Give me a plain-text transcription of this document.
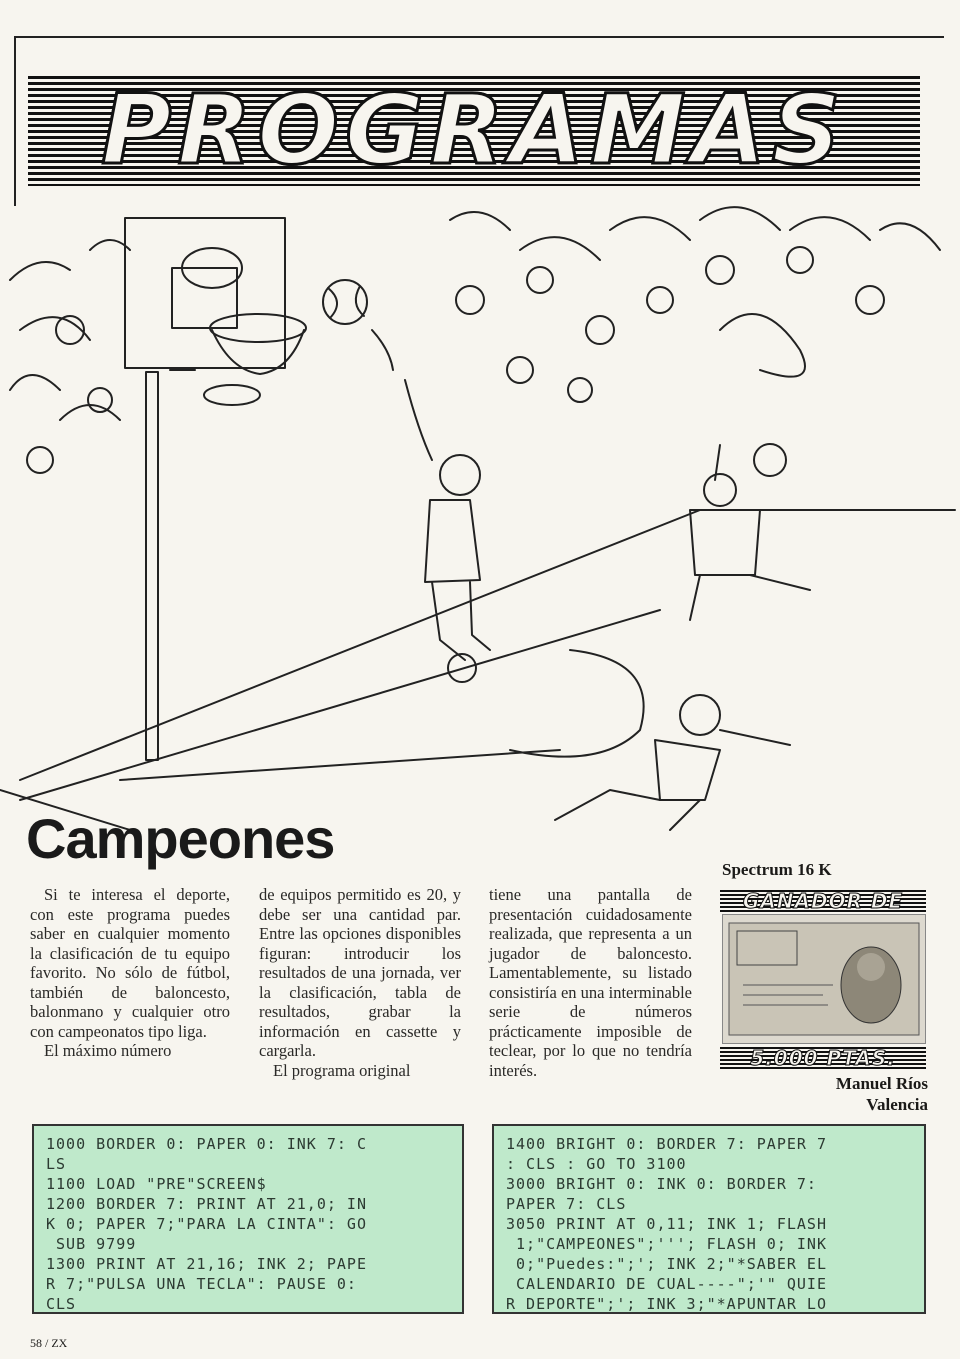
PROGRAMAS
Campeones

Si te interesa el deporte, con este programa puedes saber en cualquier momento la clasificación de tu equipo favorito. No sólo de fútbol, también de baloncesto, balonmano y cualquier otro con campeonatos tipo liga.

El máximo número

de equipos permitido es 20, y debe ser una cantidad par. Entre las opciones disponibles figuran: introducir los resultados de una jornada, ver la clasificación, tabla de resultados, grabar la información en cassette y cargarla.

El programa original

tiene una pantalla de presentación cuidadosamente realizada, que representa a un jugador de baloncesto. Lamentablemente, su listado consistiría en una interminable serie de números prácticamente imposible de teclear, por lo que no tendría interés.

Spectrum 16 K
GANADOR DE
5.000 PTAS.
Manuel Ríos
Valencia
1000 BORDER 0: PAPER 0: INK 7: C
LS
1100 LOAD "PRE"SCREEN$
1200 BORDER 7: PRINT AT 21,0; IN
K 0; PAPER 7;"PARA LA CINTA": GO
SUB 9799
1300 PRINT AT 21,16; INK 2; PAPE
R 7;"PULSA UNA TECLA": PAUSE 0:
CLS
1400 BRIGHT 0: BORDER 7: PAPER 7
: CLS : GO TO 3100
3000 BRIGHT 0: INK 0: BORDER 7:
PAPER 7: CLS
3050 PRINT AT 0,11; INK 1; FLASH
1;"CAMPEONES";'''; FLASH 0; INK
0;"Puedes:";'; INK 2;"*SABER EL
CALENDARIO DE CUAL----";'" QUIE
R DEPORTE";'; INK 3;"*APUNTAR LO
58 / ZX
